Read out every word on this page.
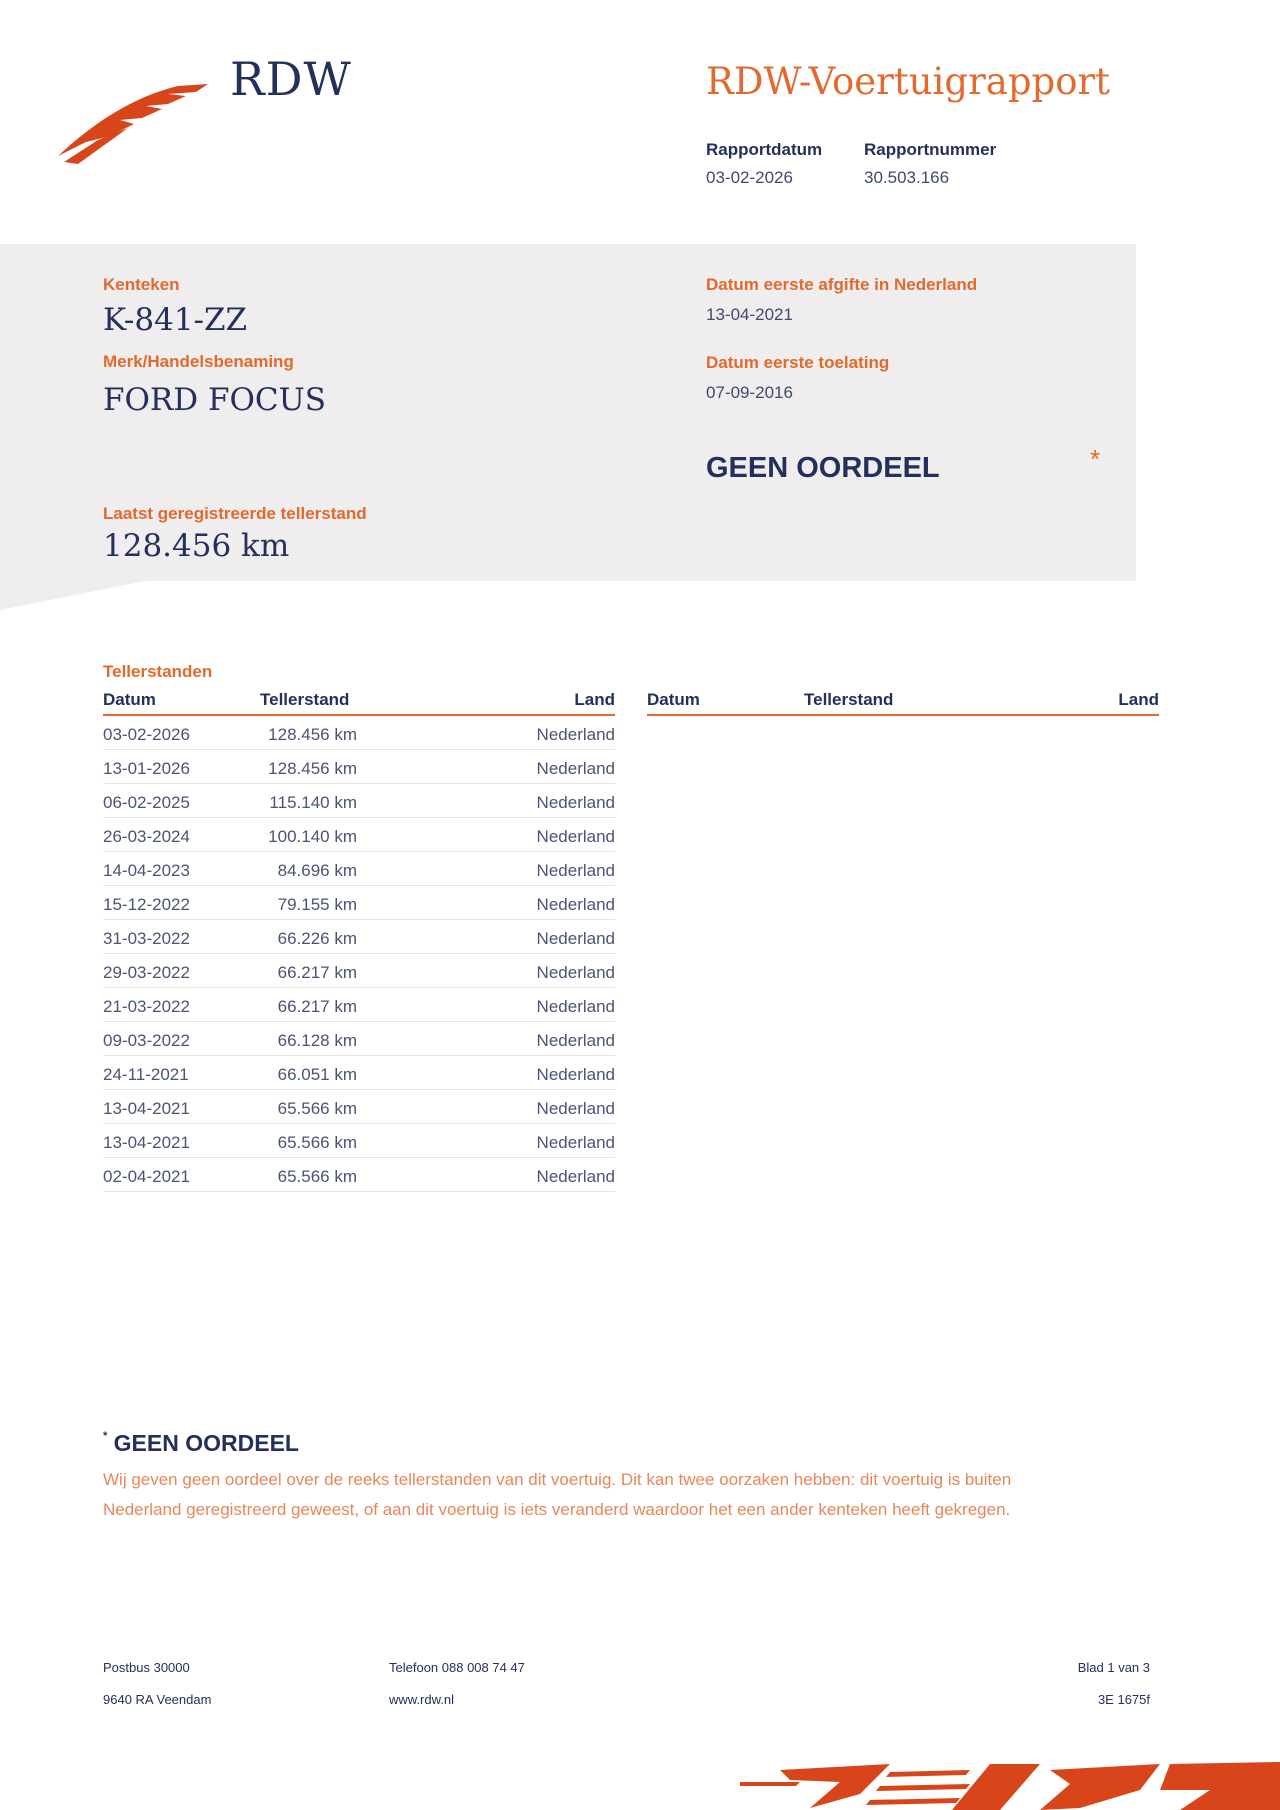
RDW	RDW-Voertuigrapport
Rapportdatum
03-02-2026
Rapportnummer
30.503.166
Kenteken
K-841-ZZ
Merk/Handelsbenaming
FORD FOCUS
Laatst geregistreerde tellerstand
128.456 km
Datum eerste afgifte in Nederland
13-04-2021
Datum eerste toelating
07-09-2016
GEEN OORDEEL	*
Tellerstanden
Datum	Tellerstand	Land
03-02-2026	128.456 km	Nederland
13-01-2026	128.456 km	Nederland
06-02-2025	115.140 km	Nederland
26-03-2024	100.140 km	Nederland
14-04-2023	84.696 km	Nederland
15-12-2022	79.155 km	Nederland
31-03-2022	66.226 km	Nederland
29-03-2022	66.217 km	Nederland
21-03-2022	66.217 km	Nederland
09-03-2022	66.128 km	Nederland
24-11-2021	66.051 km	Nederland
13-04-2021	65.566 km	Nederland
13-04-2021	65.566 km	Nederland
02-04-2021	65.566 km	Nederland
Datum	Tellerstand	Land
* GEEN OORDEEL
Wij geven geen oordeel over de reeks tellerstanden van dit voertuig. Dit kan twee oorzaken hebben: dit voertuig is buiten Nederland geregistreerd geweest, of aan dit voertuig is iets veranderd waardoor het een ander kenteken heeft gekregen.
Postbus 30000
9640 RA Veendam
Telefoon 088 008 74 47
www.rdw.nl
Blad 1 van 3
3E 1675f
